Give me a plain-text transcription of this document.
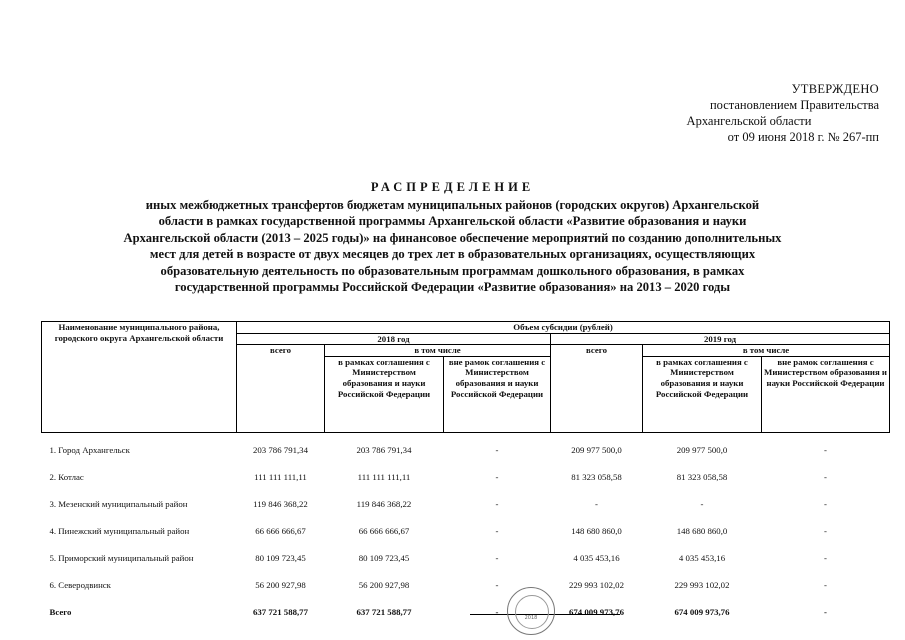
УТВЕРЖДЕНО
постановлением Правительства
Архангельской области
от 09 июня 2018 г. № 267-пп
РАСПРЕДЕЛЕНИЕ
иных межбюджетных трансфертов бюджетам муниципальных районов (городских округов) Архангельской
области в рамках государственной программы Архангельской области «Развитие образования и науки
Архангельской области (2013 – 2025 годы)» на финансовое обеспечение мероприятий по созданию дополнительных
мест для детей в возрасте от двух месяцев до трех лет в образовательных организациях, осуществляющих
образовательную деятельность по образовательным программам дошкольного образования, в рамках
государственной программы Российской Федерации «Развитие образования» на 2013 – 2020 годы
Наименование муниципального района, городского округа Архангельской области	Объем субсидии (рублей)					
	2018 год			2019 год		
	всего	в том числе		всего	в том числе	
		в рамках соглашения с Министерством образования и науки Российской Федерации	вне рамок соглашения с Министерством образования и науки Российской Федерации		в рамках соглашения с Министерством образования и науки Российской Федерации	вне рамок соглашения с Министерством образования и науки Российской Федерации

1. Город Архангельск	203 786 791,34	203 786 791,34	-	209 977 500,0	209 977 500,0	-
2. Котлас	111 111 111,11	111 111 111,11	-	81 323 058,58	81 323 058,58	-
3. Мезенский муниципальный район	119 846 368,22	119 846 368,22	-	-	-	-
4. Пинежский муниципальный район	66 666 666,67	66 666 666,67	-	148 680 860,0	148 680 860,0	-
5. Приморский муниципальный район	80 109 723,45	80 109 723,45	-	4 035 453,16	4 035 453,16	-
6. Северодвинск	56 200 927,98	56 200 927,98	-	229 993 102,02	229 993 102,02	-
Всего	637 721 588,77	637 721 588,77	-	674 009 973,76	674 009 973,76	-
2018
